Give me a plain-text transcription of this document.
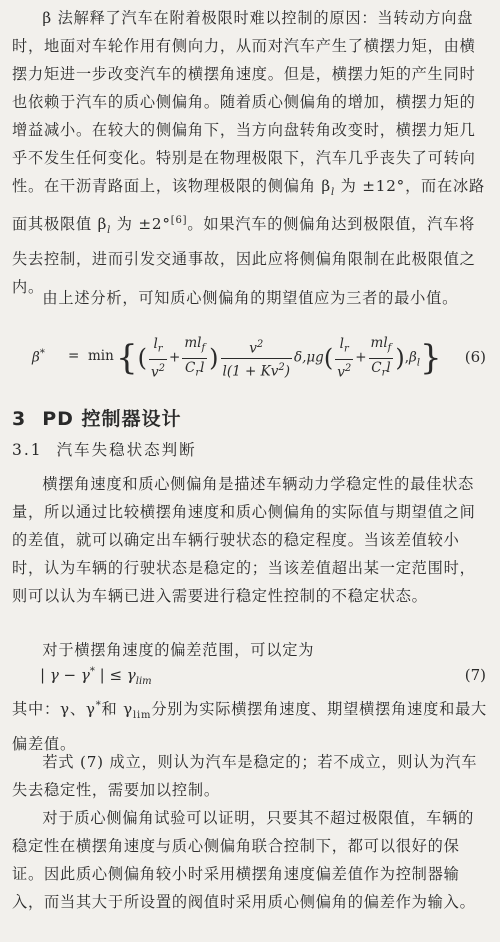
β 法解释了汽车在附着极限时难以控制的原因：当转动方向盘时，地面对车轮作用有侧向力，从而对汽车产生了横摆力矩，由横摆力矩进一步改变汽车的横摆角速度。但是，横摆力矩的产生同时也依赖于汽车的质心侧偏角。随着质心侧偏角的增加，横摆力矩的增益减小。在较大的侧偏角下，当方向盘转角改变时，横摆力矩几乎不发生任何变化。特别是在物理极限下，汽车几乎丧失了可转向性。在干沥青路面上，该物理极限的侧偏角 $\beta_l$ 为 ±12°，而在冰路面其极限值 $\beta_l$ 为 ±2°[6]。如果汽车的侧偏角达到极限值，汽车将失去控制，进而引发交通事故，因此应将侧偏角限制在此极限值之内。

由上述分析，可知质心侧偏角的期望值应为三者的最小值。

β* = min {( $\frac{l_r}{v^2} + \frac{ml_f}{C_rl}$ ) $\frac{v^2}{l(1 + Kv^2)} \delta,\mu g( \frac{l_r}{v^2} + \frac{ml_f}{C_rl} ),\beta_l$} (6)
3 PD 控制器设计
3.1 汽车失稳状态判断

横摆角速度和质心侧偏角是描述车辆动力学稳定性的最佳状态量，所以通过比较横摆角速度和质心侧偏角的实际值与期望值之间的差值，就可以确定出车辆行驶状态的稳定程度。当该差值较小时，认为车辆的行驶状态是稳定的；当该差值超出某一定范围时，则可以认为车辆已进入需要进行稳定性控制的不稳定状态。

对于横摆角速度的偏差范围，可以定为

| γ − γ* | ≤ $\gamma_{lim}$	(7)

其中：γ、γ*和 $\gamma_{lim}$分别为实际横摆角速度、期望横摆角速度和最大偏差值。

若式 (7) 成立，则认为汽车是稳定的；若不成立，则认为汽车失去稳定性，需要加以控制。

对于质心侧偏角试验可以证明，只要其不超过极限值，车辆的稳定性在横摆角速度与质心侧偏角联合控制下，都可以很好的保证。因此质心侧偏角较小时采用横摆角速度偏差值作为控制器输入，而当其大于所设置的阀值时采用质心侧偏角的偏差作为输入。
